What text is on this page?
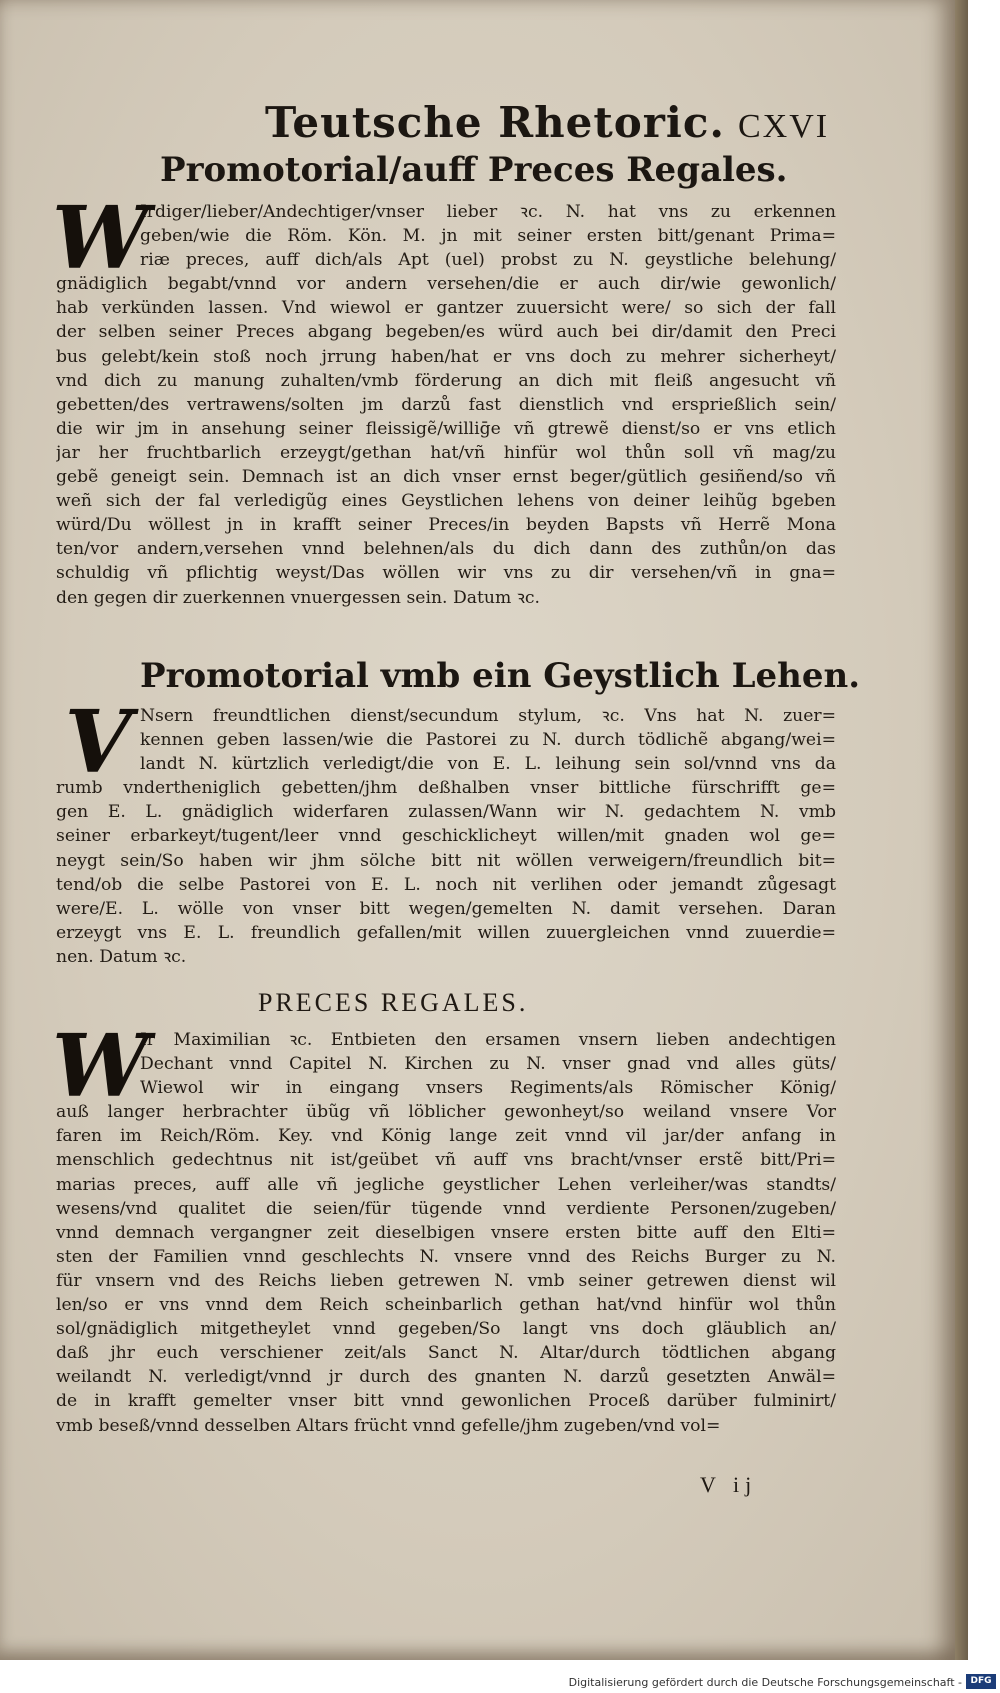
Teutsche Rhetoric. CXVI
Promotorial/auff Preces Regales.
W
Irdiger/lieber/Andechtiger/vnser lieber ꝛc. N. hat vns zu erkennen
geben/wie die Röm. Kön. M. jn mit seiner ersten bitt/genant Prima=
riæ preces, auff dich/als Apt (uel) probst zu N. geystliche belehung/
gnädiglich begabt/vnnd vor andern versehen/die er auch dir/wie gewonlich/
hab verkünden lassen. Vnd wiewol er gantzer zuuersicht were/ so sich der fall
der selben seiner Preces abgang begeben/es würd auch bei dir/damit den Preci
bus gelebt/kein stoß noch jrrung haben/hat er vns doch zu mehrer sicherheyt/
vnd dich zu manung zuhalten/vmb förderung an dich mit fleiß angesucht vñ
gebetten/des vertrawens/solten jm darzů fast dienstlich vnd ersprießlich sein/
die wir jm in ansehung seiner fleissigẽ/williḡe vñ gtrewẽ dienst/so er vns etlich
jar her fruchtbarlich erzeygt/gethan hat/vñ hinfür wol thůn soll vñ mag/zu
gebẽ geneigt sein. Demnach ist an dich vnser ernst beger/gütlich gesiñend/so vñ
weñ sich der fal verledigũg eines Geystlichen lehens von deiner leihũg bgeben
würd/Du wöllest jn in krafft seiner Preces/in beyden Bapsts vñ Herrẽ Mona
ten/vor andern,versehen vnnd belehnen/als du dich dann des zuthůn/on das
schuldig vñ pflichtig weyst/Das wöllen wir vns zu dir versehen/vñ in gna=
den gegen dir zuerkennen vnuergessen sein. Datum ꝛc.
Promotorial vmb ein Geystlich Lehen.
V Nsern freundtlichen dienst/secundum stylum, ꝛc. Vns hat N. zuer=
kennen geben lassen/wie die Pastorei zu N. durch tödlichẽ abgang/wei=
landt N. kürtzlich verledigt/die von E. L. leihung sein sol/vnnd vns da
rumb vndertheniglich gebetten/jhm deßhalben vnser bittliche fürschrifft ge=
gen E. L. gnädiglich widerfaren zulassen/Wann wir N. gedachtem N. vmb
seiner erbarkeyt/tugent/leer vnnd geschicklicheyt willen/mit gnaden wol ge=
neygt sein/So haben wir jhm sölche bitt nit wöllen verweigern/freundlich bit=
tend/ob die selbe Pastorei von E. L. noch nit verlihen oder jemandt zůgesagt
were/E. L. wölle von vnser bitt wegen/gemelten N. damit versehen. Daran
erzeygt vns E. L. freundlich gefallen/mit willen zuuergleichen vnnd zuuerdie=
nen. Datum ꝛc.
PRECES REGALES.
W
Ir Maximilian ꝛc. Entbieten den ersamen vnsern lieben andechtigen
Dechant vnnd Capitel N. Kirchen zu N. vnser gnad vnd alles güts/
Wiewol wir in eingang vnsers Regiments/als Römischer König/
auß langer herbrachter übũg vñ löblicher gewonheyt/so weiland vnsere Vor
faren im Reich/Röm. Key. vnd König lange zeit vnnd vil jar/der anfang in
menschlich gedechtnus nit ist/geübet vñ auff vns bracht/vnser erstẽ bitt/Pri=
marias preces, auff alle vñ jegliche geystlicher Lehen verleiher/was standts/
wesens/vnd qualitet die seien/für tügende vnnd verdiente Personen/zugeben/
vnnd demnach vergangner zeit dieselbigen vnsere ersten bitte auff den Elti=
sten der Familien vnnd geschlechts N. vnsere vnnd des Reichs Burger zu N.
für vnsern vnd des Reichs lieben getrewen N. vmb seiner getrewen dienst wil
len/so er vns vnnd dem Reich scheinbarlich gethan hat/vnd hinfür wol thůn
sol/gnädiglich mitgetheylet vnnd gegeben/So langt vns doch gläublich an/
daß jhr euch verschiener zeit/als Sanct N. Altar/durch tödtlichen abgang
weilandt N. verledigt/vnnd jr durch des gnanten N. darzů gesetzten Anwäl=
de in krafft gemelter vnser bitt vnnd gewonlichen Proceß darüber fulminirt/
vmb beseß/vnnd desselben Altars frücht vnnd gefelle/jhm zugeben/vnd vol=
V ij
Digitalisierung gefördert durch die Deutsche Forschungsgemeinschaft - DFG
